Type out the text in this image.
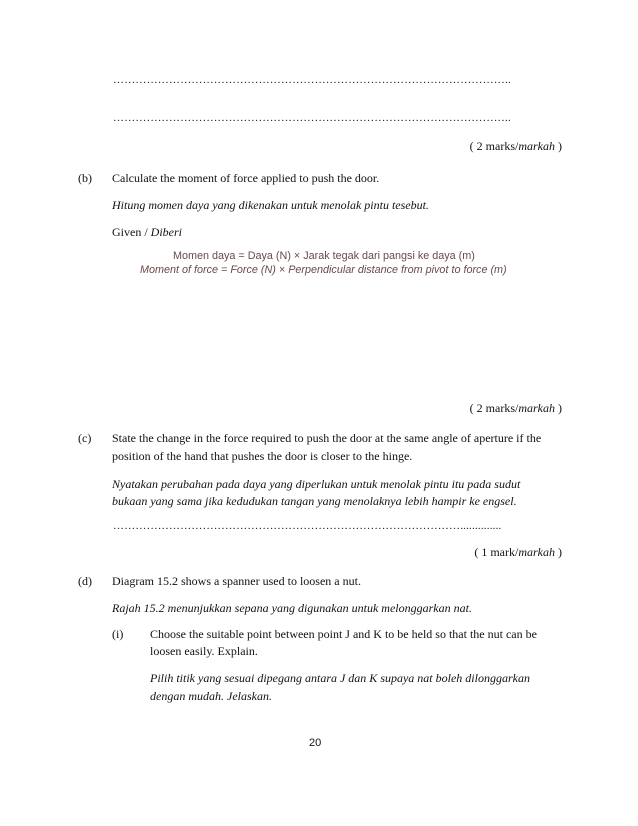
……………………………………………………………………………………………..
……………………………………………………………………………………………..
( 2 marks/markah )
(b) Calculate the moment of force applied to push the door.
Hitung momen daya yang dikenakan untuk menolak pintu tesebut.
Given / Diberi
Momen daya = Daya (N) × Jarak tegak dari pangsi ke daya (m)
Moment of force = Force (N) × Perpendicular distance from pivot to force (m)
( 2 marks/markah )
(c) State the change in the force required to push the door at the same angle of aperture if the
position of the hand that pushes the door is closer to the hinge.
Nyatakan perubahan pada daya yang diperlukan untuk menolak pintu itu pada sudut
bukaan yang sama jika kedudukan tangan yang menolaknya lebih hampir ke engsel.
…………………………………………………………………………………..............
( 1 mark/markah )
(d) Diagram 15.2 shows a spanner used to loosen a nut.
Rajah 15.2 menunjukkan sepana yang digunakan untuk melonggarkan nat.
(i) Choose the suitable point between point J and K to be held so that the nut can be
loosen easily. Explain.
Pilih titik yang sesuai dipegang antara J dan K supaya nat boleh dilonggarkan
dengan mudah. Jelaskan.
20
